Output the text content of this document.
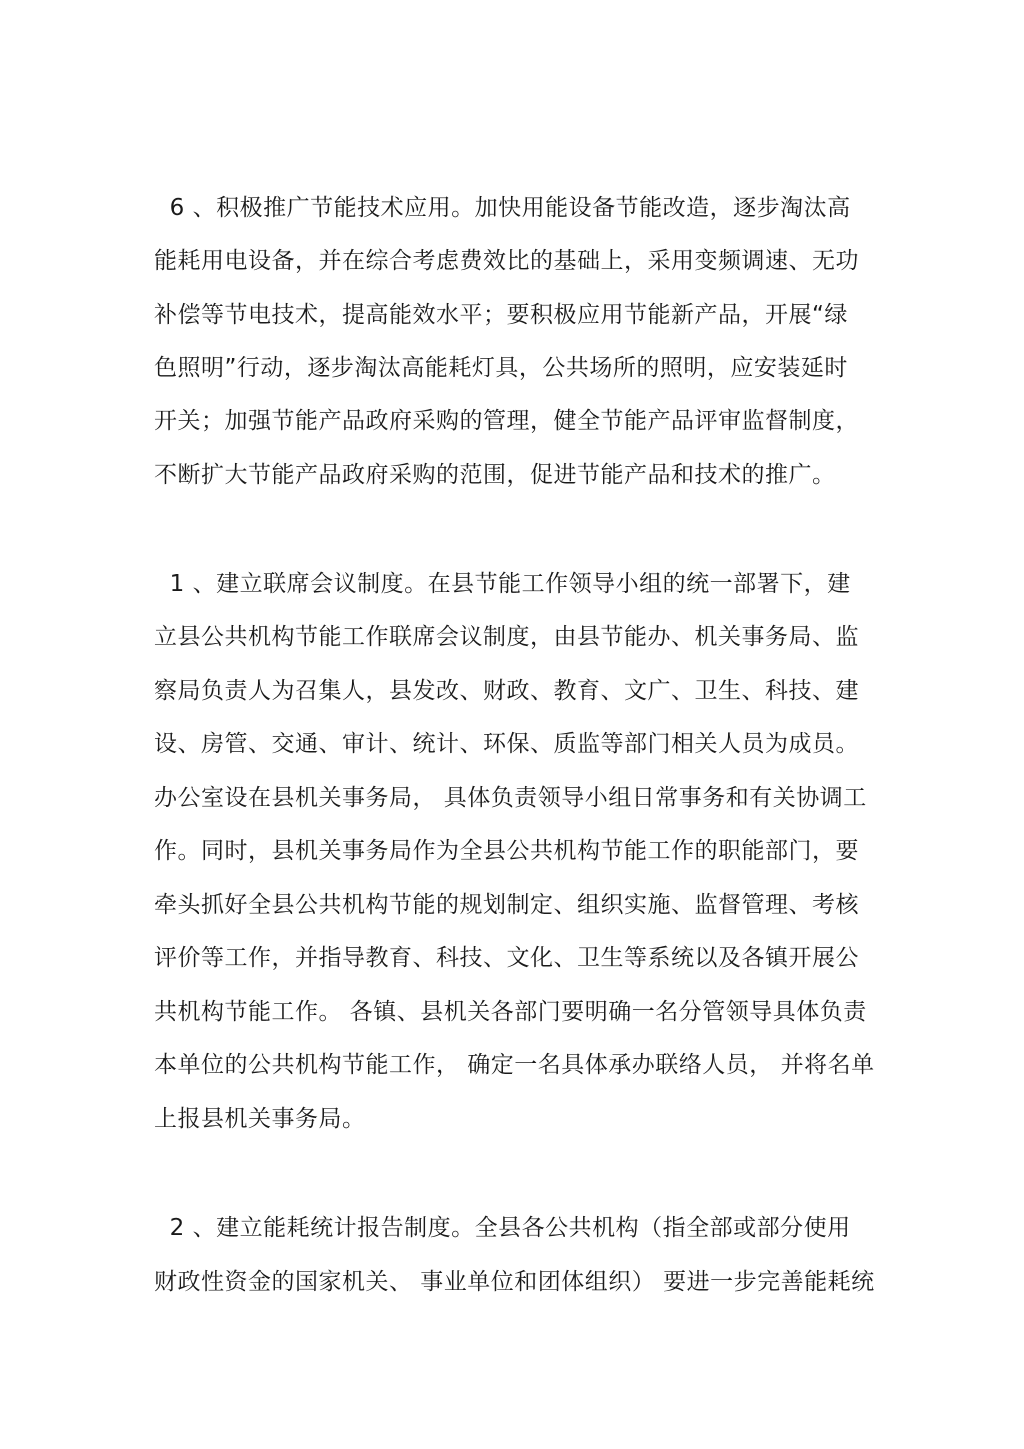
6 、积极推广节能技术应用。加快用能设备节能改造，逐步淘汰高
能耗用电设备，并在综合考虑费效比的基础上，采用变频调速、无功
补偿等节电技术，提高能效水平；要积极应用节能新产品，开展“绿
色照明”行动，逐步淘汰高能耗灯具，公共场所的照明，应安装延时
开关；加强节能产品政府采购的管理，健全节能产品评审监督制度，
不断扩大节能产品政府采购的范围，促进节能产品和技术的推广。
1 、建立联席会议制度。在县节能工作领导小组的统一部署下，建
立县公共机构节能工作联席会议制度，由县节能办、机关事务局、监
察局负责人为召集人，县发改、财政、教育、文广、卫生、科技、建
设、房管、交通、审计、统计、环保、质监等部门相关人员为成员。
办公室设在县机关事务局， 具体负责领导小组日常事务和有关协调工
作。同时，县机关事务局作为全县公共机构节能工作的职能部门，要
牵头抓好全县公共机构节能的规划制定、组织实施、监督管理、考核
评价等工作，并指导教育、科技、文化、卫生等系统以及各镇开展公
共机构节能工作。 各镇、县机关各部门要明确一名分管领导具体负责
本单位的公共机构节能工作， 确定一名具体承办联络人员， 并将名单
上报县机关事务局。
2 、建立能耗统计报告制度。全县各公共机构（指全部或部分使用
财政性资金的国家机关、 事业单位和团体组织） 要进一步完善能耗统
